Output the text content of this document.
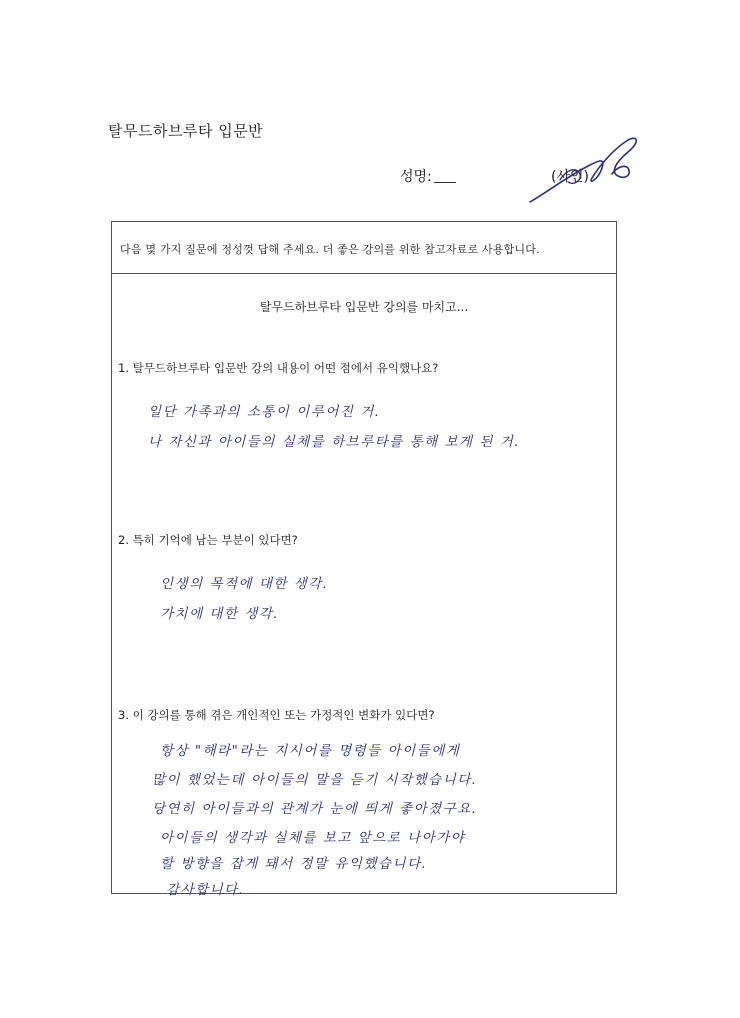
탈무드하브루타 입문반
성명:	(사인)
다음 몇 가지 질문에 정성껏 답해 주세요. 더 좋은 강의를 위한 참고자료로 사용합니다.
탈무드하브루타 입문반 강의를 마치고...
1. 탈무드하브루타 입문반 강의 내용이 어떤 점에서 유익했나요?
일단 가족과의 소통이 이루어진 거.
나 자신과 아이들의 실체를 하브루타를 통해 보게 된 거.
2. 특히 기억에 남는 부분이 있다면?
인생의 목적에 대한 생각.
가치에 대한 생각.
3. 이 강의를 통해 겪은 개인적인 또는 가정적인 변화가 있다면?
항상 "해라"라는 지시어를 명령들 아이들에게
많이 했었는데 아이들의 말을 듣기 시작했습니다.
당연히 아이들과의 관계가 눈에 띄게 좋아졌구요.
아이들의 생각과 실체를 보고 앞으로 나아가야
할 방향을 잡게 돼서 정말 유익했습니다.
감사합니다.
